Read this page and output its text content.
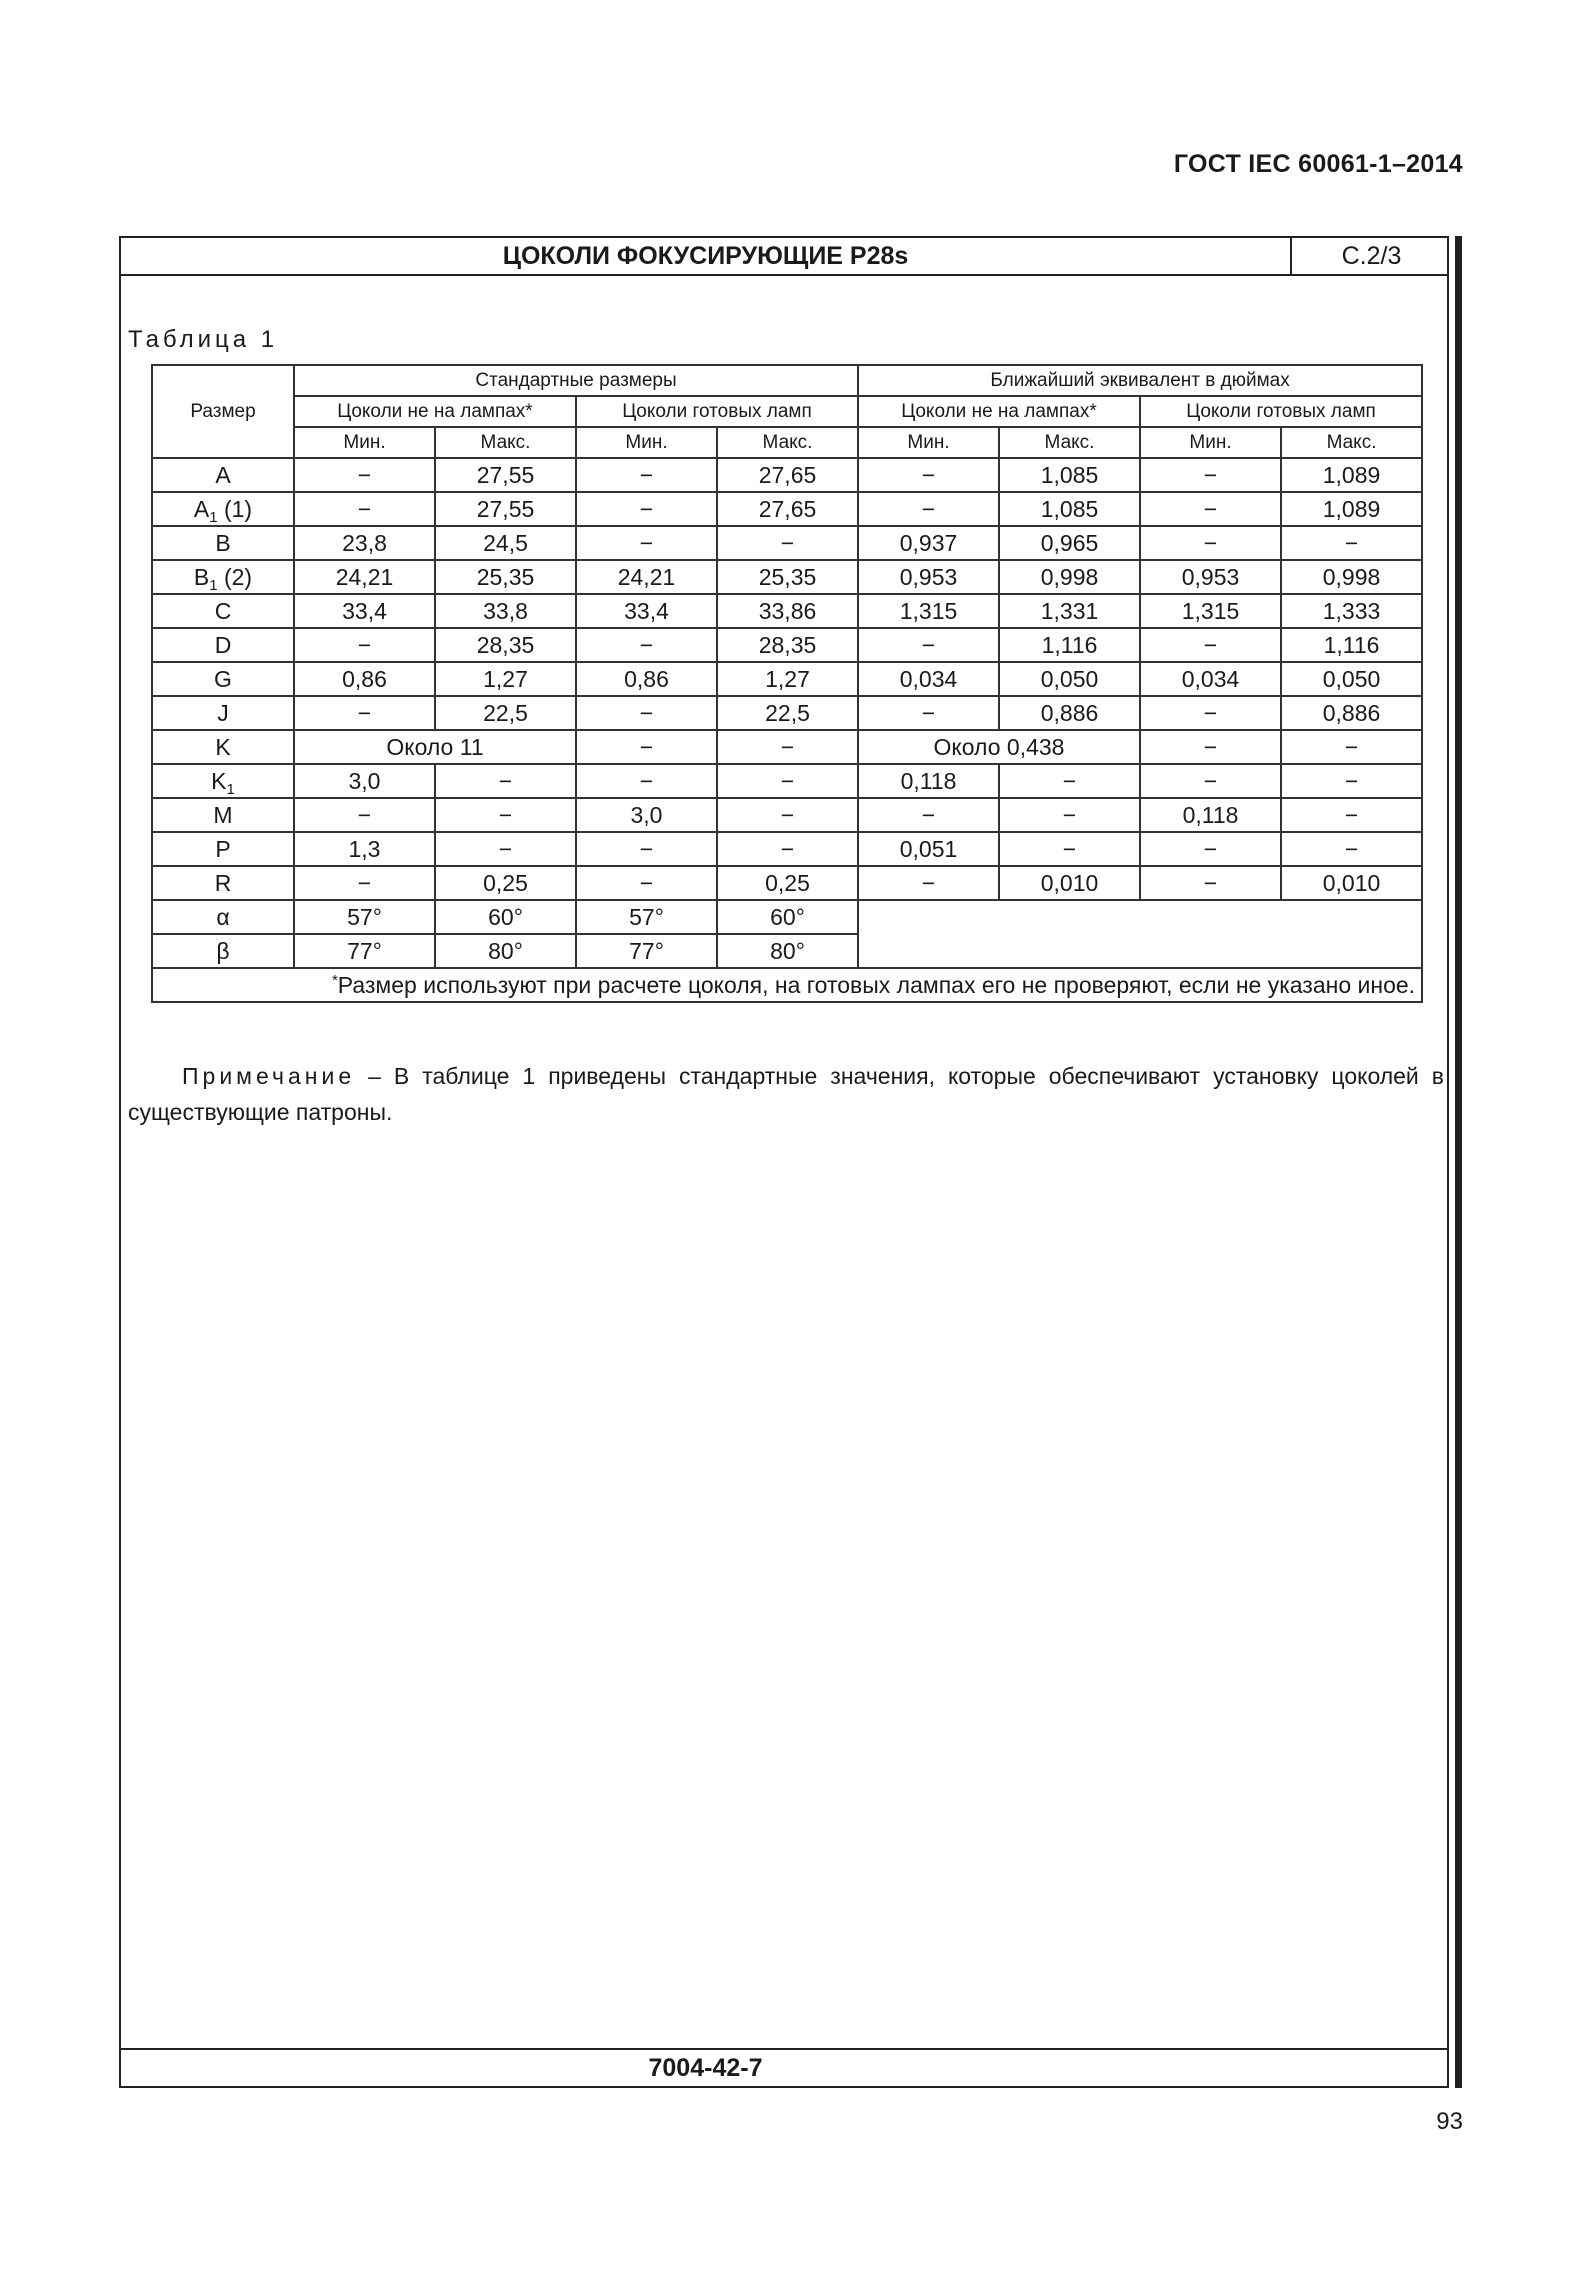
ГОСТ IEC 60061-1–2014
ЦОКОЛИ ФОКУСИРУЮЩИЕ P28s	C.2/3
Таблица 1
Размер	Стандартные размеры				Ближайший эквивалент в дюймах			
	Цоколи не на лампах*		Цоколи готовых ламп		Цоколи не на лампах*		Цоколи готовых ламп	
	Мин.	Макс.	Мин.	Макс.	Мин.	Макс.	Мин.	Макс.
A	−	27,55	−	27,65	−	1,085	−	1,089
$A_1$ (1)	−	27,55	−	27,65	−	1,085	−	1,089
B	23,8	24,5	−	−	0,937	0,965	−	−
$B_1$ (2)	24,21	25,35	24,21	25,35	0,953	0,998	0,953	0,998
C	33,4	33,8	33,4	33,86	1,315	1,331	1,315	1,333
D	−	28,35	−	28,35	−	1,116	−	1,116
G	0,86	1,27	0,86	1,27	0,034	0,050	0,034	0,050
J	−	22,5	−	22,5	−	0,886	−	0,886
K	Около 11		−	−	Около 0,438		−	−
$K_1$	3,0	−	−	−	0,118	−	−	−
M	−	−	3,0	−	−	−	0,118	−
P	1,3	−	−	−	0,051	−	−	−
R	−	0,25	−	0,25	−	0,010	−	0,010
α	57°	60°	57°	60°				
β	77°	80°	77°	80°				
*Размер используют при расчете цоколя, на готовых лампах его не проверяют, если не указано иное.								
Примечание – В таблице 1 приведены стандартные значения, которые обеспечивают установку цоколей в существующие патроны.
7004-42-7
93
